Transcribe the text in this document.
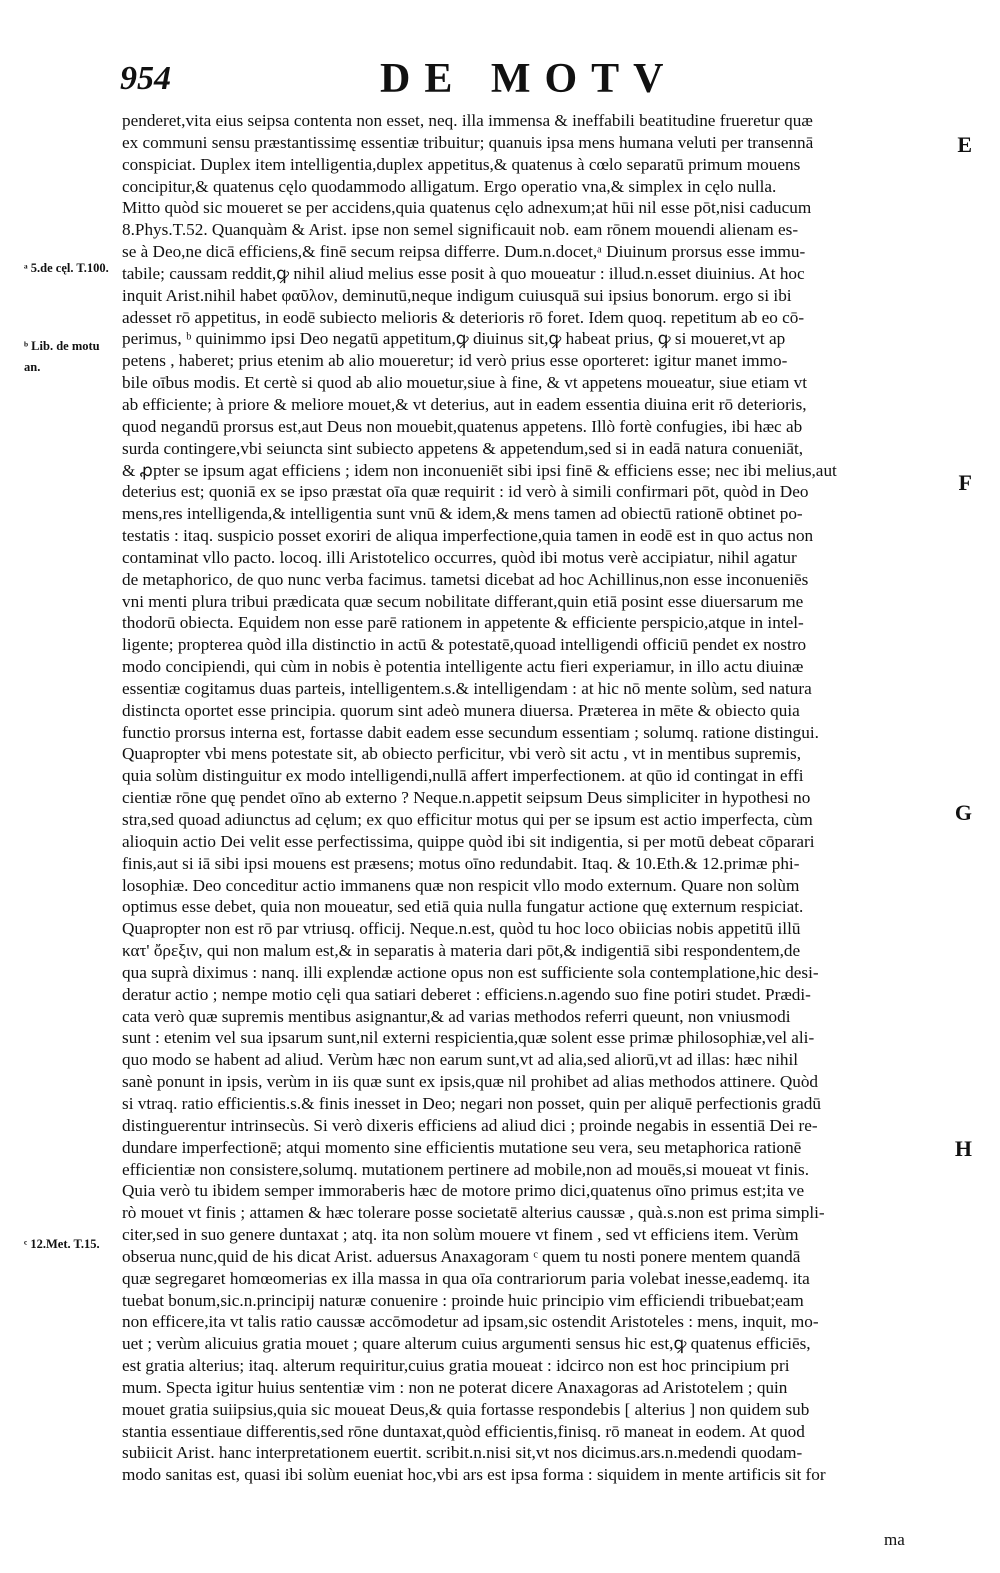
954	DE MOTV
ᵃ 5.de cęl. T.100.
ᵇ Lib. de motu an.
ᶜ 12.Met. T.15.
E
F
G
H
penderet,vita eius seipsa contenta non esset, neq. illa immensa & ineffabili beatitudine frueretur quæ
ex communi sensu præstantissimę essentiæ tribuitur; quanuis ipsa mens humana veluti per transennā
conspiciat. Duplex item intelligentia,duplex appetitus,& quatenus à cœlo separatū primum mouens
concipitur,& quatenus cęlo quodammodo alligatum. Ergo operatio vna,& simplex in cęlo nulla.
Mitto quòd sic moueret se per accidens,quia quatenus cęlo adnexum;at hūi nil esse pōt,nisi caducum
8.Phys.T.52. Quanquàm & Arist. ipse non semel significauit nob. eam rōnem mouendi alienam es-
se à Deo,ne dicā efficiens,& finē secum reipsa differre. Dum.n.docet,ᵃ Diuinum prorsus esse immu-
tabile; caussam reddit,ꝙ nihil aliud melius esse posit à quo moueatur : illud.n.esset diuinius. At hoc
inquit Arist.nihil habet φαῦλον, deminutū,neque indigum cuiusquā sui ipsius bonorum. ergo si ibi
adesset rō appetitus, in eodē subiecto melioris & deterioris rō foret. Idem quoq. repetitum ab eo cō-
perimus, ᵇ quinimmo ipsi Deo negatū appetitum,ꝙ diuinus sit,ꝙ habeat prius, ꝙ si moueret,vt ap
petens , haberet; prius etenim ab alio moueretur; id verò prius esse oporteret: igitur manet immo-
bile oībus modis. Et certè si quod ab alio mouetur,siue à fine, & vt appetens moueatur, siue etiam vt
ab efficiente; à priore & meliore mouet,& vt deterius, aut in eadem essentia diuina erit rō deterioris,
quod negandū prorsus est,aut Deus non mouebit,quatenus appetens. Illò fortè confugies, ibi hæc ab
surda contingere,vbi seiuncta sint subiecto appetens & appetendum,sed si in eadā natura conueniāt,
& ꝓpter se ipsum agat efficiens ; idem non inconueniēt sibi ipsi finē & efficiens esse; nec ibi melius,aut
deterius est; quoniā ex se ipso præstat oīa quæ requirit : id verò à simili confirmari pōt, quòd in Deo
mens,res intelligenda,& intelligentia sunt vnū & idem,& mens tamen ad obiectū rationē obtinet po-
testatis : itaq. suspicio posset exoriri de aliqua imperfectione,quia tamen in eodē est in quo actus non
contaminat vllo pacto. locoq. illi Aristotelico occurres, quòd ibi motus verè accipiatur, nihil agatur
de metaphorico, de quo nunc verba facimus. tametsi dicebat ad hoc Achillinus,non esse inconueniēs
vni menti plura tribui prædicata quæ secum nobilitate differant,quin etiā posint esse diuersarum me
thodorū obiecta. Equidem non esse parē rationem in appetente & efficiente perspicio,atque in intel-
ligente; propterea quòd illa distinctio in actū & potestatē,quoad intelligendi officiū pendet ex nostro
modo concipiendi, qui cùm in nobis è potentia intelligente actu fieri experiamur, in illo actu diuinæ
essentiæ cogitamus duas parteis, intelligentem.s.& intelligendam : at hic nō mente solùm, sed natura
distincta oportet esse principia. quorum sint adeò munera diuersa. Præterea in mēte & obiecto quia
functio prorsus interna est, fortasse dabit eadem esse secundum essentiam ; solumq. ratione distingui.
Quapropter vbi mens potestate sit, ab obiecto perficitur, vbi verò sit actu , vt in mentibus supremis,
quia solùm distinguitur ex modo intelligendi,nullā affert imperfectionem. at qūo id contingat in effi
cientiæ rōne quę pendet oīno ab externo ? Neque.n.appetit seipsum Deus simpliciter in hypothesi no
stra,sed quoad adiunctus ad cęlum; ex quo efficitur motus qui per se ipsum est actio imperfecta, cùm
alioquin actio Dei velit esse perfectissima, quippe quòd ibi sit indigentia, si per motū debeat cōparari
finis,aut si iā sibi ipsi mouens est præsens; motus oīno redundabit. Itaq. & 10.Eth.& 12.primæ phi-
losophiæ. Deo conceditur actio immanens quæ non respicit vllo modo externum. Quare non solùm
optimus esse debet, quia non moueatur, sed etiā quia nulla fungatur actione quę externum respiciat.
Quapropter non est rō par vtriusq. officij. Neque.n.est, quòd tu hoc loco obiicias nobis appetitū illū
κατ' ὄρεξιν, qui non malum est,& in separatis à materia dari pōt,& indigentiā sibi respondentem,de
qua suprà diximus : nanq. illi explendæ actione opus non est sufficiente sola contemplatione,hic desi-
deratur actio ; nempe motio cęli qua satiari deberet : efficiens.n.agendo suo fine potiri studet. Prædi-
cata verò quæ supremis mentibus asignantur,& ad varias methodos referri queunt, non vniusmodi
sunt : etenim vel sua ipsarum sunt,nil externi respicientia,quæ solent esse primæ philosophiæ,vel ali-
quo modo se habent ad aliud. Verùm hæc non earum sunt,vt ad alia,sed aliorū,vt ad illas: hæc nihil
sanè ponunt in ipsis, verùm in iis quæ sunt ex ipsis,quæ nil prohibet ad alias methodos attinere. Quòd
si vtraq. ratio efficientis.s.& finis inesset in Deo; negari non posset, quin per aliquē perfectionis gradū
distinguerentur intrinsecùs. Si verò dixeris efficiens ad aliud dici ; proinde negabis in essentiā Dei re-
dundare imperfectionē; atqui momento sine efficientis mutatione seu vera, seu metaphorica rationē
efficientiæ non consistere,solumq. mutationem pertinere ad mobile,non ad mouēs,si moueat vt finis.
Quia verò tu ibidem semper immoraberis hæc de motore primo dici,quatenus oīno primus est;ita ve
rò mouet vt finis ; attamen & hæc tolerare posse societatē alterius caussæ , quà.s.non est prima simpli-
citer,sed in suo genere duntaxat ; atq. ita non solùm mouere vt finem , sed vt efficiens item. Verùm
obserua nunc,quid de his dicat Arist. aduersus Anaxagoram ᶜ quem tu nosti ponere mentem quandā
quæ segregaret homœomerias ex illa massa in qua oīa contrariorum paria volebat inesse,eademq. ita
tuebat bonum,sic.n.principij naturæ conuenire : proinde huic principio vim efficiendi tribuebat;eam
non efficere,ita vt talis ratio caussæ accōmodetur ad ipsam,sic ostendit Aristoteles : mens, inquit, mo-
uet ; verùm alicuius gratia mouet ; quare alterum cuius argumenti sensus hic est,ꝙ quatenus efficiēs,
est gratia alterius; itaq. alterum requiritur,cuius gratia moueat : idcirco non est hoc principium pri
mum. Specta igitur huius sententiæ vim : non ne poterat dicere Anaxagoras ad Aristotelem ; quin
mouet gratia suiipsius,quia sic moueat Deus,& quia fortasse respondebis [ alterius ] non quidem sub
stantia essentiaue differentis,sed rōne duntaxat,quòd efficientis,finisq. rō maneat in eodem. At quod
subiicit Arist. hanc interpretationem euertit. scribit.n.nisi sit,vt nos dicimus.ars.n.medendi quodam-
modo sanitas est, quasi ibi solùm eueniat hoc,vbi ars est ipsa forma : siquidem in mente artificis sit for
ma
